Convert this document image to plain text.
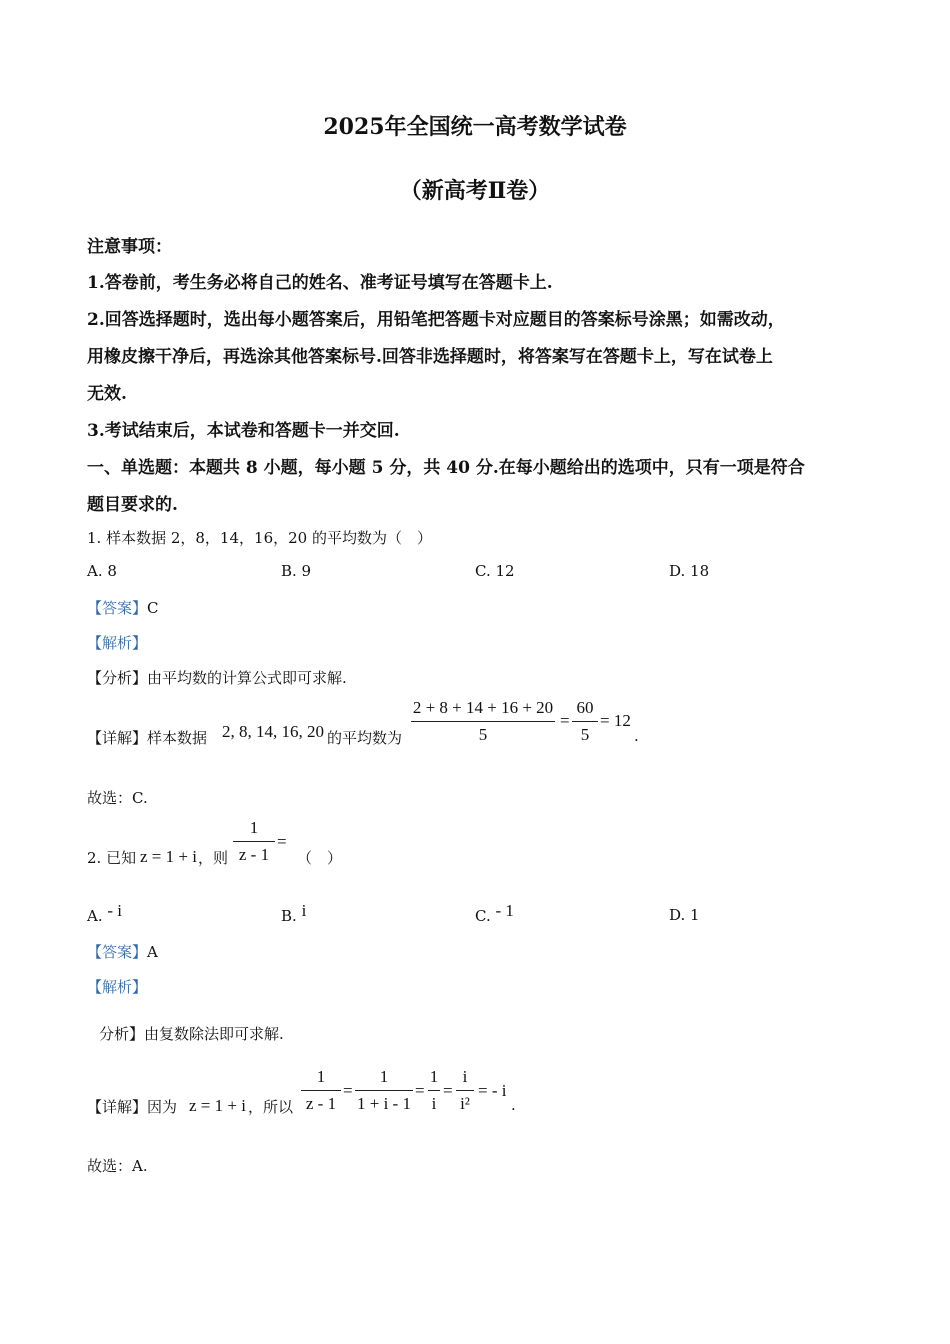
2025年全国统一高考数学试卷
（新高考Ⅱ卷）
注意事项：
1.答卷前，考生务必将自己的姓名、准考证号填写在答题卡上.
2.回答选择题时，选出每小题答案后，用铅笔把答题卡对应题目的答案标号涂黑；如需改动，
用橡皮擦干净后，再选涂其他答案标号.回答非选择题时，将答案写在答题卡上，写在试卷上
无效.
3.考试结束后，本试卷和答题卡一并交回.
一、单选题：本题共 8 小题，每小题 5 分，共 40 分.在每小题给出的选项中，只有一项是符合
题目要求的.
1. 样本数据 2，8，14，16，20 的平均数为（　）
A. 8	B. 9	C. 12	D. 18
【答案】C
【解析】
【分析】由平均数的计算公式即可求解.
【详解】样本数据 2, 8, 14, 16, 20 的平均数为
2 + 8 + 14 + 16 + 20
5
=
60
5
= 12
.
故选：C.
2. 已知 z = 1 + i ，则
1
z - 1
=
（　）
A. - i	B. i	C. - 1	D. 1
【答案】A
【解析】
分析】由复数除法即可求解.
【详解】因为 z = 1 + i ，所以
1
z - 1
=
1
1 + i - 1
=
1
i
=
i
i²
= - i
.
故选：A.
